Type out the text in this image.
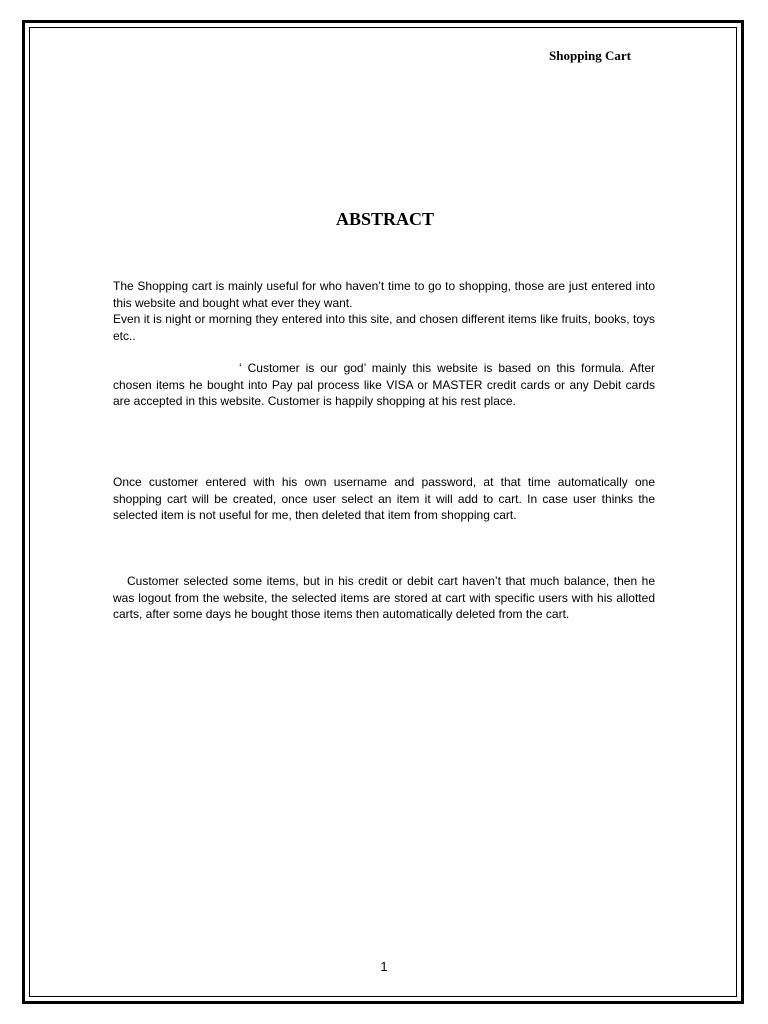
Shopping Cart
ABSTRACT
The Shopping cart is mainly useful for who haven’t time to go to shopping, those are just entered into this website and bought what ever they want.
Even it is night or morning they entered into this site, and chosen different items like fruits, books, toys etc..
‘ Customer is our god’ mainly this website is based on this formula. After chosen items he bought into Pay pal process like VISA or MASTER credit cards or any Debit cards are accepted in this website. Customer is happily shopping at his rest place.
Once customer entered with his own username and password, at that time automatically one shopping cart will be created, once user select an item it will add to cart. In case user thinks the selected item is not useful for me, then deleted that item from shopping cart.
Customer selected some items, but in his credit or debit cart haven’t that much balance, then he was logout from the website, the selected items are stored at cart with specific users with his allotted carts, after some days he bought those items then automatically deleted from the cart.
1
